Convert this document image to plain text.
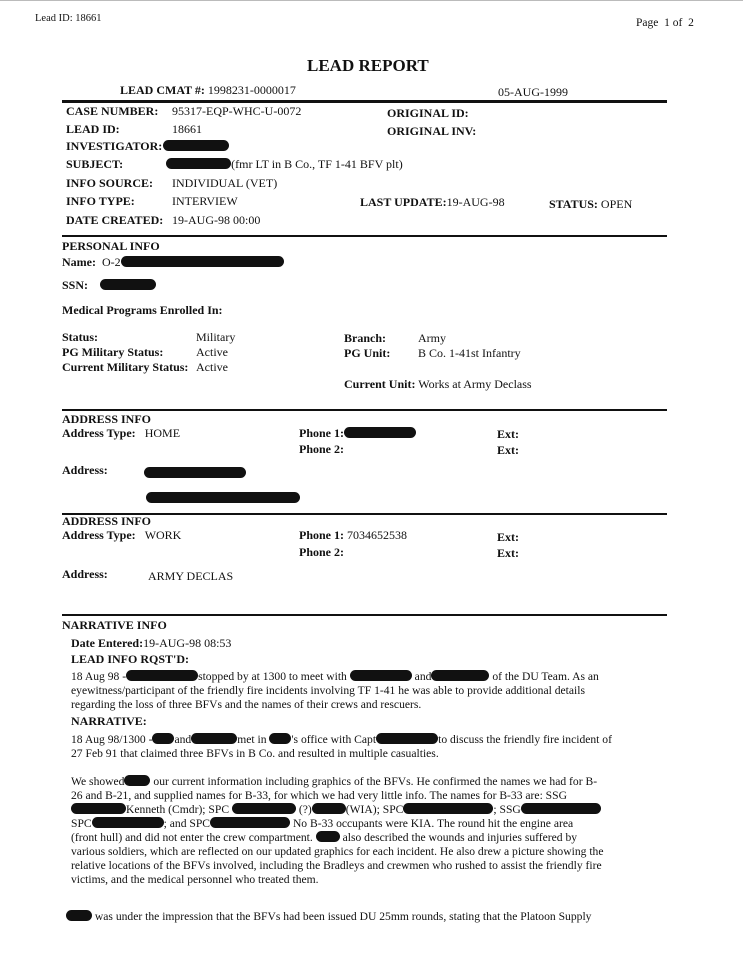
Lead ID: 18661	Page 1 of 2
LEAD REPORT
LEAD CMAT #: 1998231-0000017	05-AUG-1999
CASE NUMBER: 95317-EQP-WHC-U-0072	ORIGINAL ID:
LEAD ID:	18661	ORIGINAL INV:
INVESTIGATOR:
SUBJECT:	(fmr LT in B Co., TF 1-41 BFV plt)
INFO SOURCE: INDIVIDUAL (VET)
INFO TYPE:	INTERVIEW	LAST UPDATE:19-AUG-98	STATUS: OPEN
DATE CREATED: 19-AUG-98 00:00
PERSONAL INFO
Name: O-2
SSN:
Medical Programs Enrolled In:
Status:	Military	Branch:	Army
PG Military Status:	Active	PG Unit: B Co. 1-41st Infantry
Current Military Status: Active
Current Unit: Works at Army Declass
ADDRESS INFO
Address Type: HOME	Phone 1:	Ext:
Phone 2:	Ext:
Address:
ADDRESS INFO
Address Type: WORK	Phone 1: 7034652538	Ext:
Phone 2:	Ext:
Address:	ARMY DECLAS
NARRATIVE INFO
Date Entered:19-AUG-98 08:53
LEAD INFO RQST'D:
18 Aug 98 -	stopped by at 1300 to meet with	and	of the DU Team. As an
eyewitness/participant of the friendly fire incidents involving TF 1-41 he was able to provide additional details
regarding the loss of three BFVs and the names of their crews and rescuers.
NARRATIVE:
18 Aug 98/1300 - and	met in 's office with Capt	to discuss the friendly fire incident of
27 Feb 91 that claimed three BFVs in B Co. and resulted in multiple casualties.
We showed our current information including graphics of the BFVs. He confirmed the names we had for B-
26 and B-21, and supplied names for B-33, for which we had very little info. The names for B-33 are: SSG
Kenneth (Cmdr); SPC	(?)	(WIA); SPC	; SSG
SPC	; and SPC	No B-33 occupants were KIA. The round hit the engine area
(front hull) and did not enter the crew compartment.	also described the wounds and injuries suffered by
various soldiers, which are reflected on our updated graphics for each incident. He also drew a picture showing the
relative locations of the BFVs involved, including the Bradleys and crewmen who rushed to assist the friendly fire
victims, and the medical personnel who treated them.
was under the impression that the BFVs had been issued DU 25mm rounds, stating that the Platoon Supply
